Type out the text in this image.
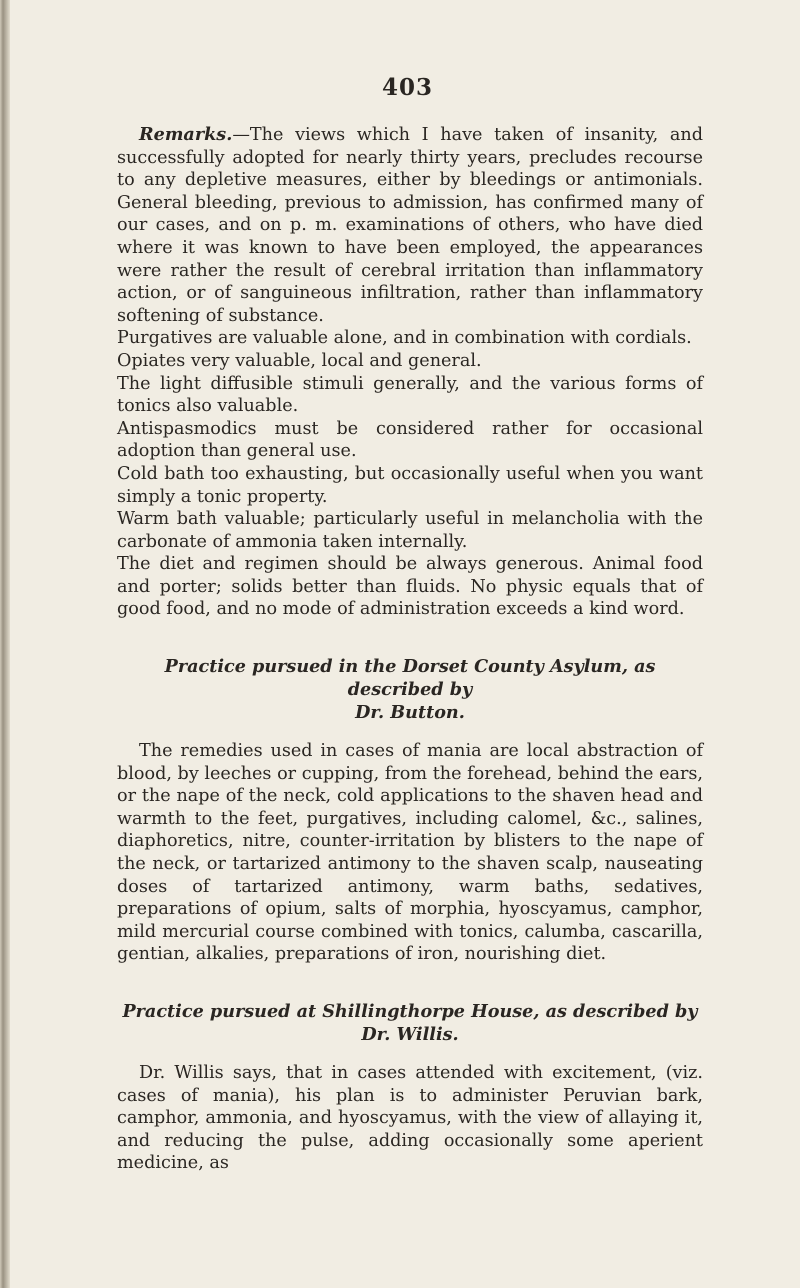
403

Remarks.—The views which I have taken of insanity, and successfully adopted for nearly thirty years, precludes recourse to any depletive measures, either by bleedings or antimonials. General bleeding, previous to admission, has confirmed many of our cases, and on p. m. examinations of others, who have died where it was known to have been employed, the appearances were rather the result of cerebral irritation than inflammatory action, or of sanguineous infiltration, rather than inflammatory softening of substance.

Purgatives are valuable alone, and in combination with cordials.

Opiates very valuable, local and general.

The light diffusible stimuli generally, and the various forms of tonics also valuable.

Antispasmodics must be considered rather for occasional adoption than general use.

Cold bath too exhausting, but occasionally useful when you want simply a tonic property.

Warm bath valuable; particularly useful in melancholia with the carbonate of ammonia taken internally.

The diet and regimen should be always generous. Animal food and porter; solids better than fluids. No physic equals that of good food, and no mode of administration exceeds a kind word.

Practice pursued in the Dorset County Asylum, as described by
Dr. Button.

The remedies used in cases of mania are local abstraction of blood, by leeches or cupping, from the forehead, behind the ears, or the nape of the neck, cold applications to the shaven head and warmth to the feet, purgatives, including calomel, &c., salines, diaphoretics, nitre, counter-irritation by blisters to the nape of the neck, or tartarized antimony to the shaven scalp, nauseating doses of tartarized antimony, warm baths, sedatives, preparations of opium, salts of morphia, hyoscyamus, camphor, mild mercurial course combined with tonics, calumba, cascarilla, gentian, alkalies, preparations of iron, nourishing diet.

Practice pursued at Shillingthorpe House, as described by
Dr. Willis.

Dr. Willis says, that in cases attended with excitement, (viz. cases of mania), his plan is to administer Peruvian bark, camphor, ammonia, and hyoscyamus, with the view of allaying it, and reducing the pulse, adding occasionally some aperient medicine, as
